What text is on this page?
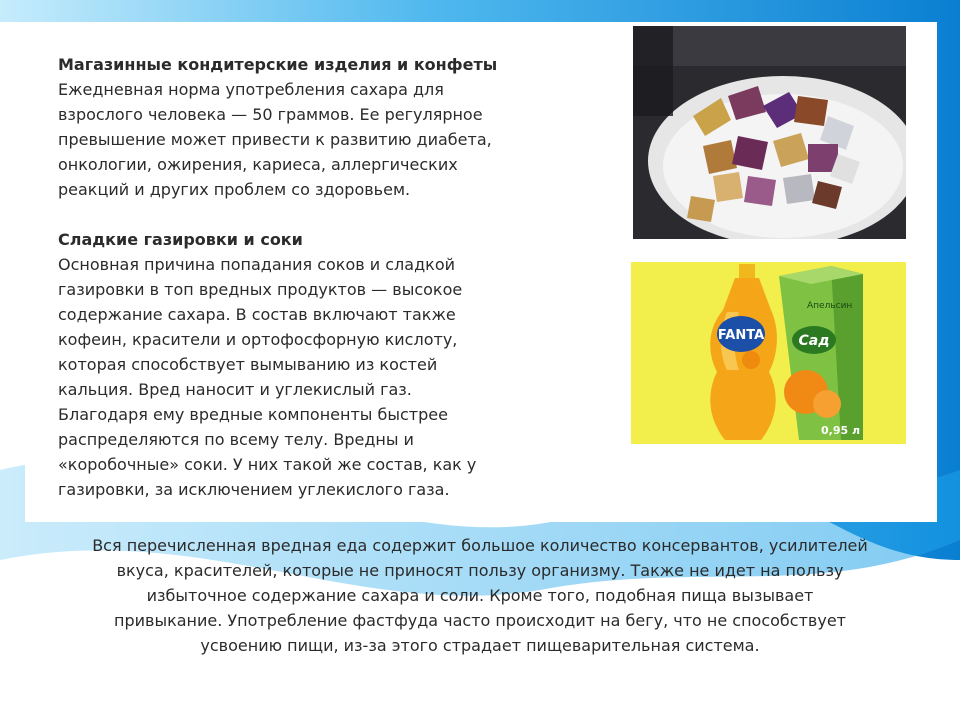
Магазинные кондитерские изделия и конфеты
Ежедневная норма употребления сахара для
взрослого человека — 50 граммов. Ее регулярное
превышение может привести к развитию диабета,
онкологии, ожирения, кариеса, аллергических
реакций и других проблем со здоровьем.
Сладкие газировки и соки
Основная причина попадания соков и сладкой
газировки в топ вредных продуктов — высокое
содержание сахара. В состав включают также
кофеин, красители и ортофосфорную кислоту,
которая способствует вымыванию из костей
кальция. Вред наносит и углекислый газ.
Благодаря ему вредные компоненты быстрее
распределяются по всему телу. Вредны и
«коробочные» соки. У них такой же состав, как у
газировки, за исключением углекислого газа.
FANTA
Апельсин
Сад
0,95 л
Вся перечисленная вредная еда содержит большое количество консервантов, усилителей
вкуса, красителей, которые не приносят пользу организму. Также не идет на пользу
избыточное содержание сахара и соли. Кроме того, подобная пища вызывает
привыкание. Употребление фастфуда часто происходит на бегу, что не способствует
усвоению пищи, из-за этого страдает пищеварительная система.
